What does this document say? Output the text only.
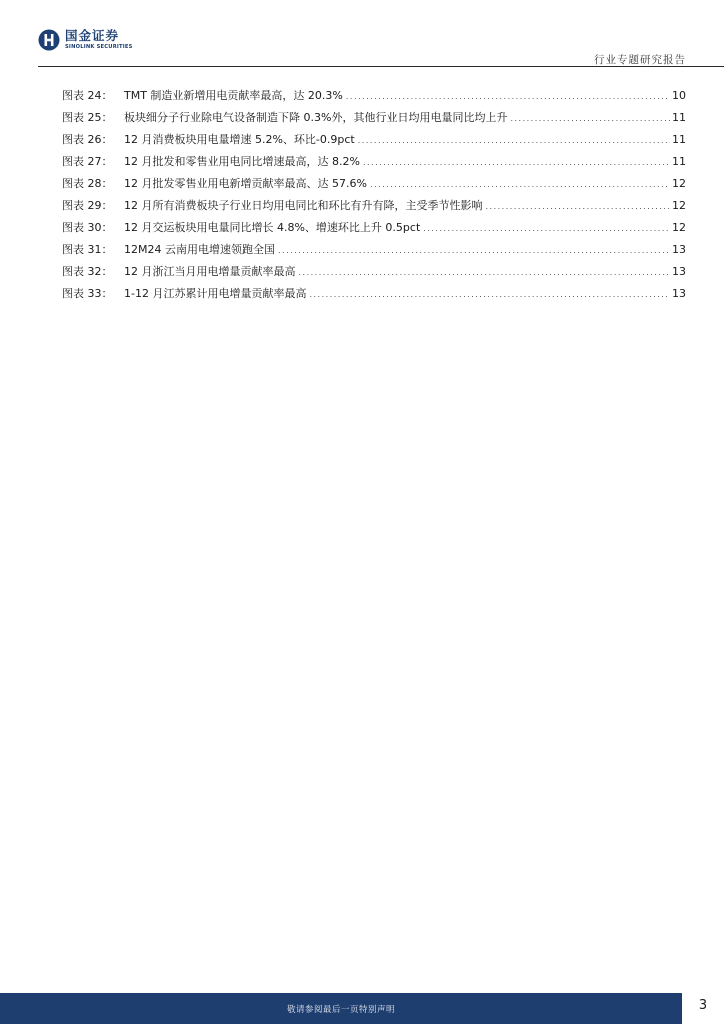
国金证券
SINOLINK SECURITIES
行业专题研究报告
图表 24：	TMT 制造业新增用电贡献率最高，达 20.3% .....	10
图表 25：	板块细分子行业除电气设备制造下降 0.3%外，其他行业日均用电量同比均上升 .....	11
图表 26：	12 月消费板块用电量增速 5.2%、环比-0.9pct .....	11
图表 27：	12 月批发和零售业用电同比增速最高，达 8.2% .....	11
图表 28：	12 月批发零售业用电新增贡献率最高、达 57.6% .....	12
图表 29：	12 月所有消费板块子行业日均用电同比和环比有升有降，主受季节性影响 .....	12
图表 30：	12 月交运板块用电量同比增长 4.8%、增速环比上升 0.5pct .....	12
图表 31：	12M24 云南用电增速领跑全国 .....	13
图表 32：	12 月浙江当月用电增量贡献率最高 .....	13
图表 33：	1-12 月江苏累计用电增量贡献率最高 .....	13
敬请参阅最后一页特别声明	3
